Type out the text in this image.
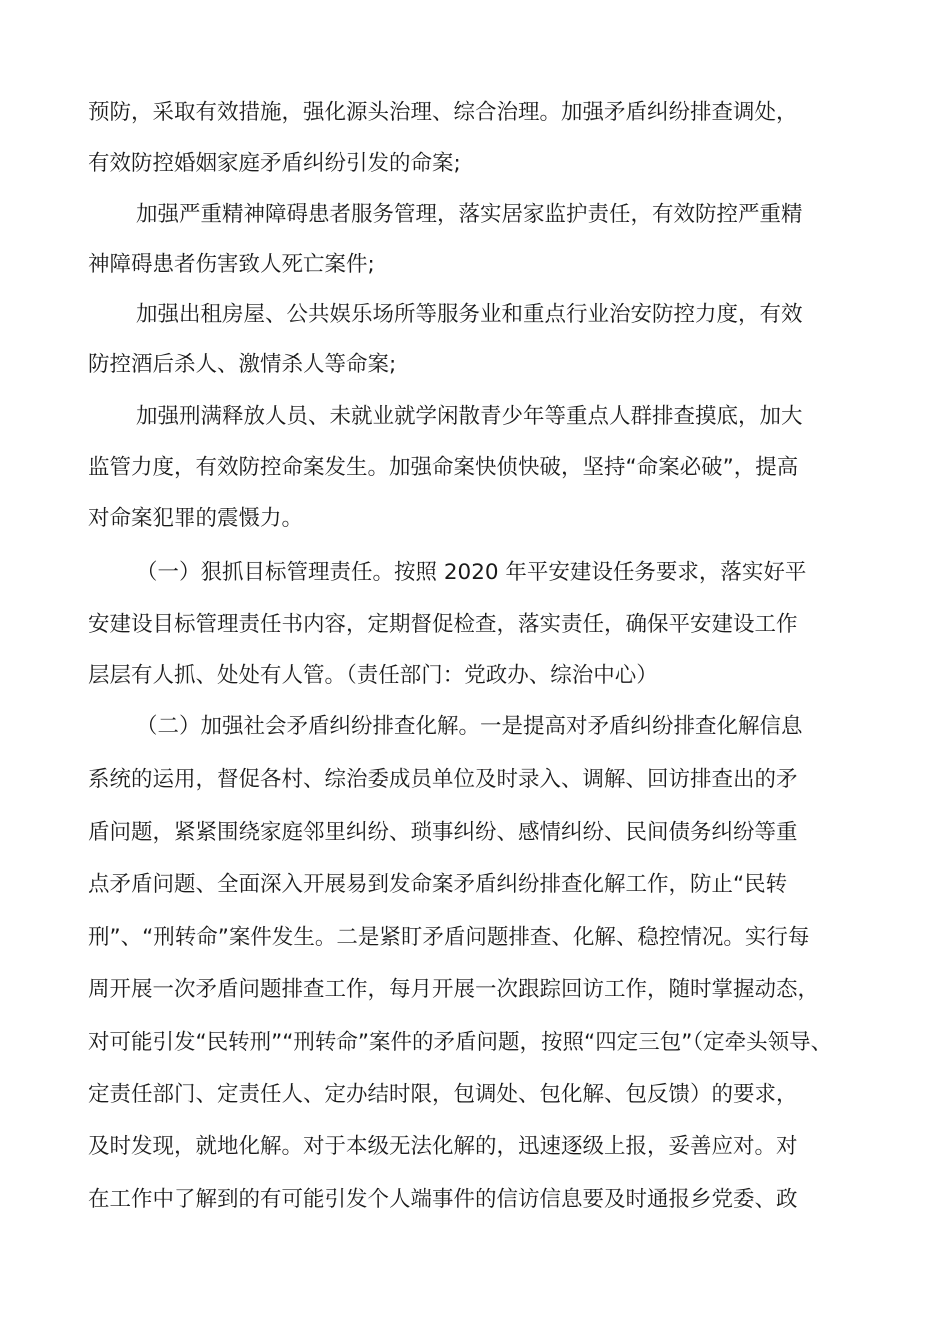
预防，采取有效措施，强化源头治理、综合治理。加强矛盾纠纷排查调处，
有效防控婚姻家庭矛盾纠纷引发的命案;
加强严重精神障碍患者服务管理，落实居家监护责任，有效防控严重精
神障碍患者伤害致人死亡案件;
加强出租房屋、公共娱乐场所等服务业和重点行业治安防控力度，有效
防控酒后杀人、激情杀人等命案;
加强刑满释放人员、未就业就学闲散青少年等重点人群排查摸底，加大
监管力度，有效防控命案发生。加强命案快侦快破，坚持“命案必破”，提高
对命案犯罪的震慑力。
（一）狠抓目标管理责任。按照 2020 年平安建设任务要求，落实好平
安建设目标管理责任书内容，定期督促检查，落实责任，确保平安建设工作
层层有人抓、处处有人管。（责任部门：党政办、综治中心）
（二）加强社会矛盾纠纷排查化解。一是提高对矛盾纠纷排查化解信息
系统的运用，督促各村、综治委成员单位及时录入、调解、回访排查出的矛
盾问题，紧紧围绕家庭邻里纠纷、琐事纠纷、感情纠纷、民间债务纠纷等重
点矛盾问题、全面深入开展易到发命案矛盾纠纷排查化解工作，防止“民转
刑”、“刑转命”案件发生。二是紧盯矛盾问题排查、化解、稳控情况。实行每
周开展一次矛盾问题排查工作，每月开展一次跟踪回访工作，随时掌握动态，
对可能引发“民转刑”“刑转命”案件的矛盾问题，按照“四定三包”（定牵头领导、
定责任部门、定责任人、定办结时限，包调处、包化解、包反馈）的要求，
及时发现，就地化解。对于本级无法化解的，迅速逐级上报，妥善应对。对
在工作中了解到的有可能引发个人端事件的信访信息要及时通报乡党委、政
